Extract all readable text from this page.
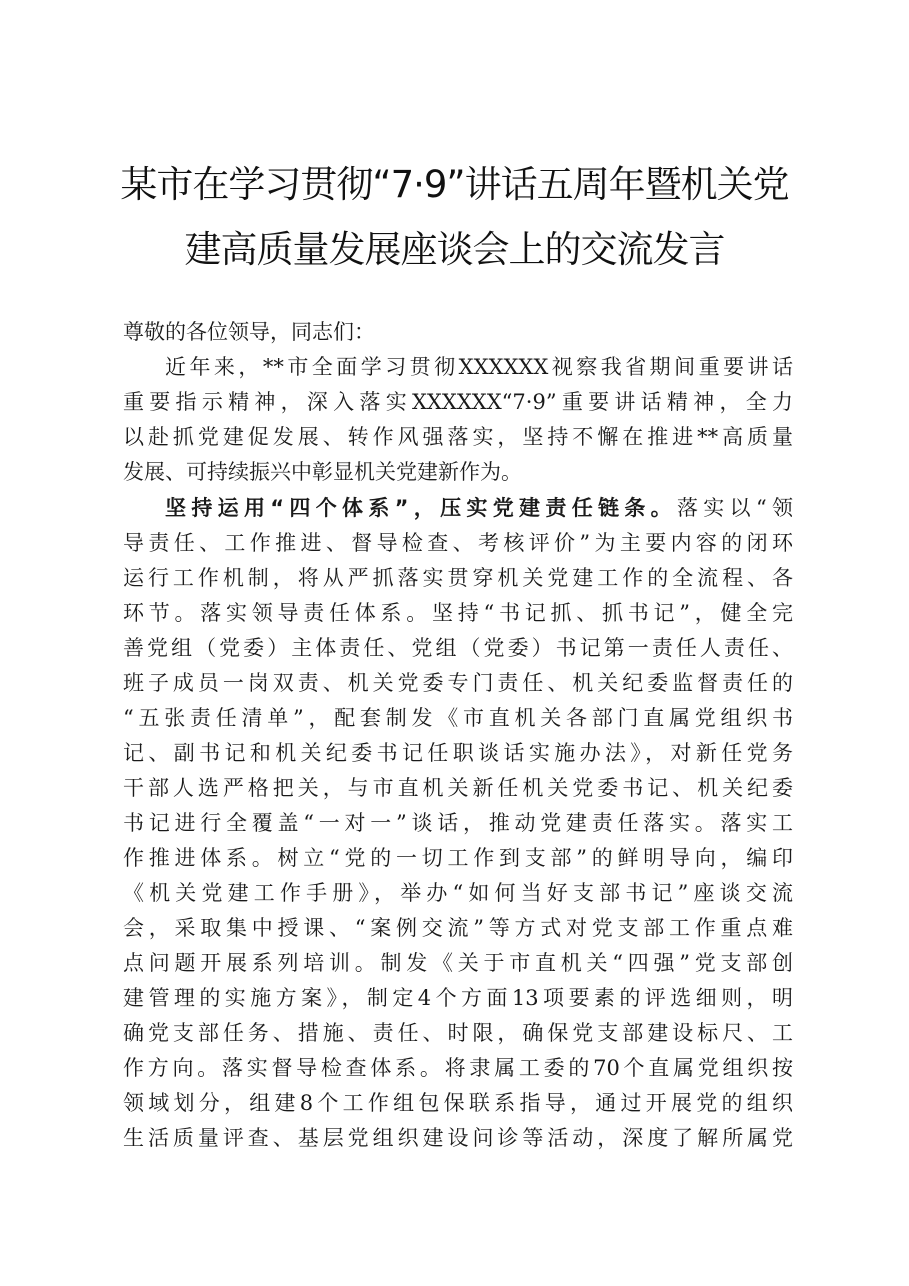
某市在学习贯彻“7·9”讲话五周年暨机关党
建高质量发展座谈会上的交流发言
尊敬的各位领导，同志们：
近年来，**市全面学习贯彻XXXXXX视察我省期间重要讲话
重要指示精神，深入落实XXXXXX“7·9”重要讲话精神，全力
以赴抓党建促发展、转作风强落实，坚持不懈在推进**高质量
发展、可持续振兴中彰显机关党建新作为。
坚持运用“四个体系”，压实党建责任链条。落实以“领
导责任、工作推进、督导检查、考核评价”为主要内容的闭环
运行工作机制，将从严抓落实贯穿机关党建工作的全流程、各
环节。落实领导责任体系。坚持“书记抓、抓书记”，健全完
善党组（党委）主体责任、党组（党委）书记第一责任人责任、
班子成员一岗双责、机关党委专门责任、机关纪委监督责任的
“五张责任清单”，配套制发《市直机关各部门直属党组织书
记、副书记和机关纪委书记任职谈话实施办法》，对新任党务
干部人选严格把关，与市直机关新任机关党委书记、机关纪委
书记进行全覆盖“一对一”谈话，推动党建责任落实。落实工
作推进体系。树立“党的一切工作到支部”的鲜明导向，编印
《机关党建工作手册》，举办“如何当好支部书记”座谈交流
会，采取集中授课、“案例交流”等方式对党支部工作重点难
点问题开展系列培训。制发《关于市直机关“四强”党支部创
建管理的实施方案》，制定4个方面13项要素的评选细则，明
确党支部任务、措施、责任、时限，确保党支部建设标尺、工
作方向。落实督导检查体系。将隶属工委的70个直属党组织按
领域划分，组建8个工作组包保联系指导，通过开展党的组织
生活质量评查、基层党组织建设问诊等活动，深度了解所属党
